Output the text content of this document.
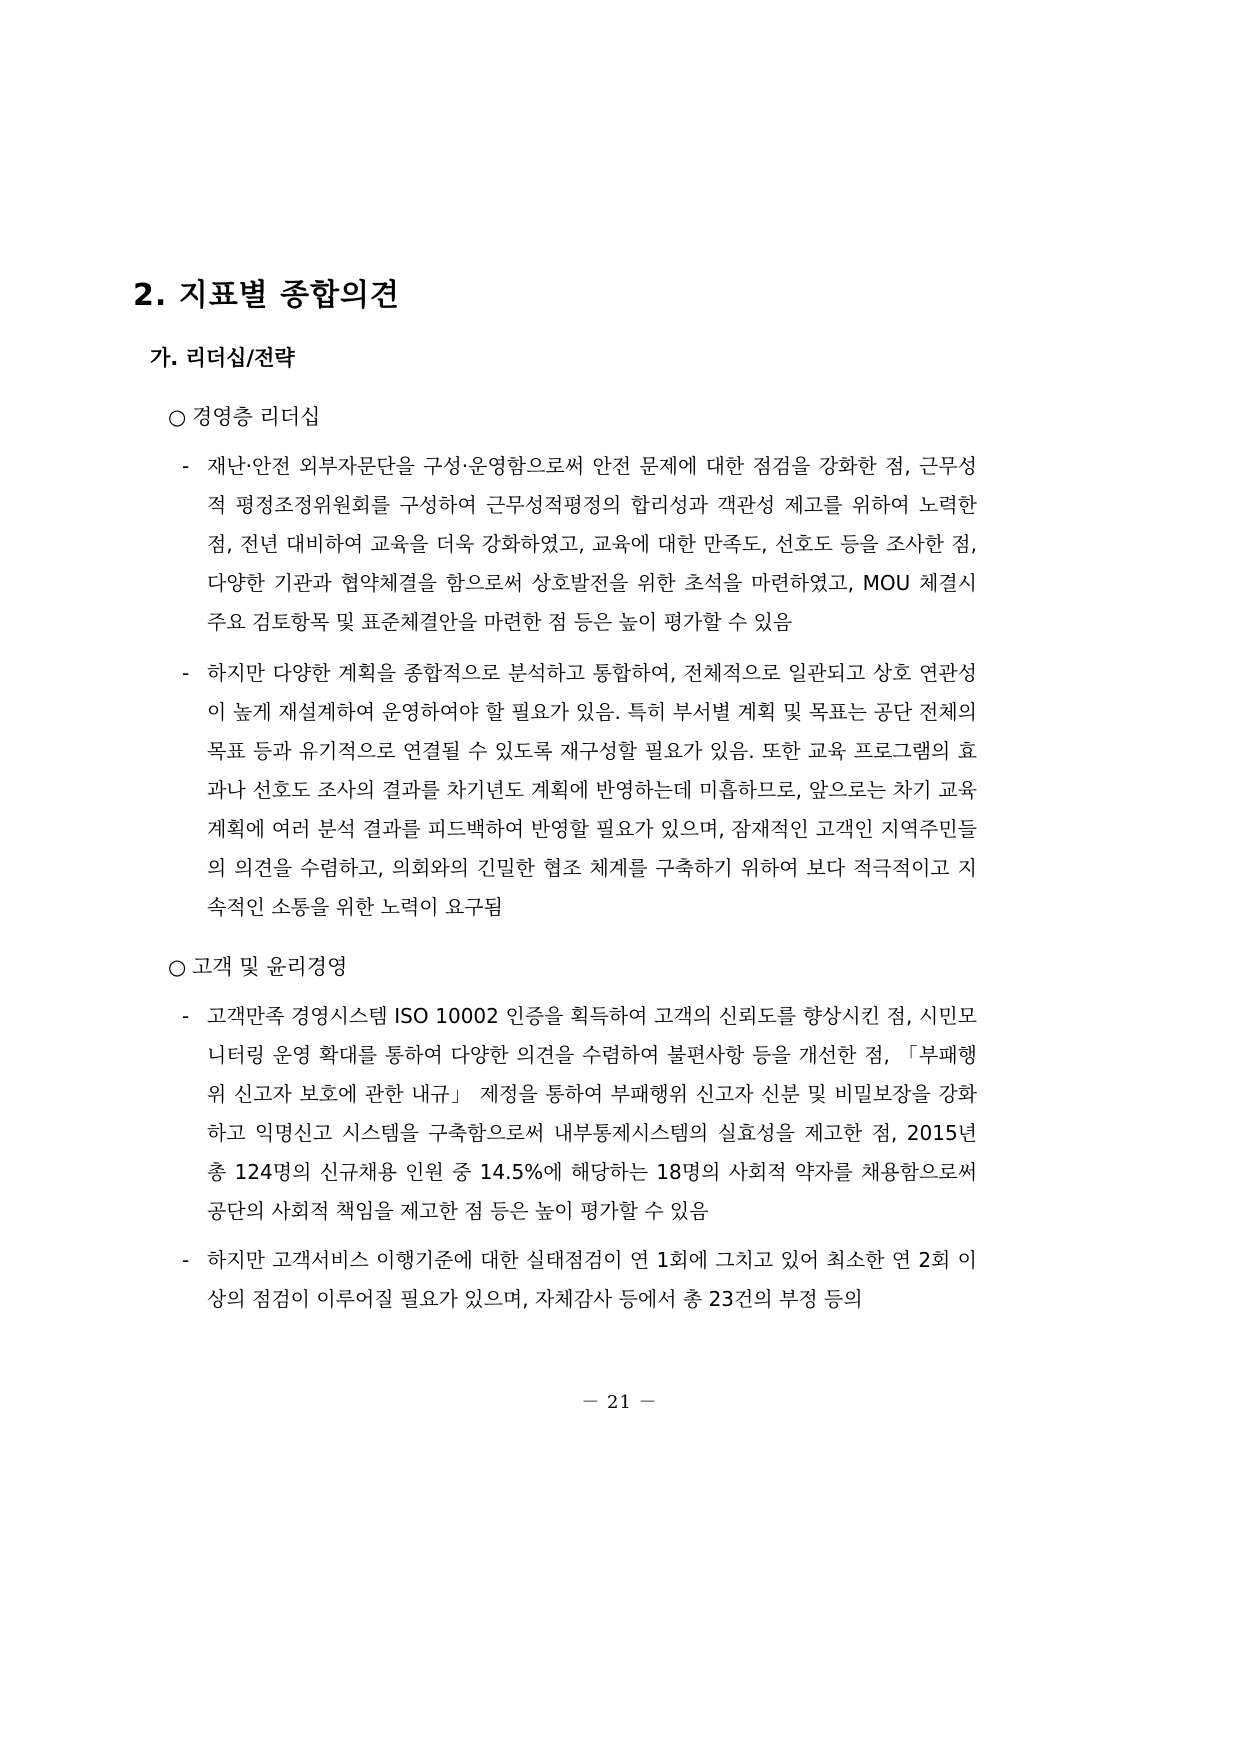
2. 지표별 종합의견
가. 리더십/전략
○ 경영층 리더십
- 재난·안전 외부자문단을 구성·운영함으로써 안전 문제에 대한 점검을 강화한 점, 근무성적 평정조정위원회를 구성하여 근무성적평정의 합리성과 객관성 제고를 위하여 노력한 점, 전년 대비하여 교육을 더욱 강화하였고, 교육에 대한 만족도, 선호도 등을 조사한 점, 다양한 기관과 협약체결을 함으로써 상호발전을 위한 초석을 마련하였고, MOU 체결시 주요 검토항목 및 표준체결안을 마련한 점 등은 높이 평가할 수 있음

- 하지만 다양한 계획을 종합적으로 분석하고 통합하여, 전체적으로 일관되고 상호 연관성이 높게 재설계하여 운영하여야 할 필요가 있음. 특히 부서별 계획 및 목표는 공단 전체의 목표 등과 유기적으로 연결될 수 있도록 재구성할 필요가 있음. 또한 교육 프로그램의 효과나 선호도 조사의 결과를 차기년도 계획에 반영하는데 미흡하므로, 앞으로는 차기 교육계획에 여러 분석 결과를 피드백하여 반영할 필요가 있으며, 잠재적인 고객인 지역주민들의 의견을 수렴하고, 의회와의 긴밀한 협조 체계를 구축하기 위하여 보다 적극적이고 지속적인 소통을 위한 노력이 요구됨

○ 고객 및 윤리경영
- 고객만족 경영시스템 ISO 10002 인증을 획득하여 고객의 신뢰도를 향상시킨 점, 시민모니터링 운영 확대를 통하여 다양한 의견을 수렴하여 불편사항 등을 개선한 점, 「부패행위 신고자 보호에 관한 내규」 제정을 통하여 부패행위 신고자 신분 및 비밀보장을 강화하고 익명신고 시스템을 구축함으로써 내부통제시스템의 실효성을 제고한 점, 2015년 총 124명의 신규채용 인원 중 14.5%에 해당하는 18명의 사회적 약자를 채용함으로써 공단의 사회적 책임을 제고한 점 등은 높이 평가할 수 있음

- 하지만 고객서비스 이행기준에 대한 실태점검이 연 1회에 그치고 있어 최소한 연 2회 이상의 점검이 이루어질 필요가 있으며, 자체감사 등에서 총 23건의 부정 등의

－ 21 －
